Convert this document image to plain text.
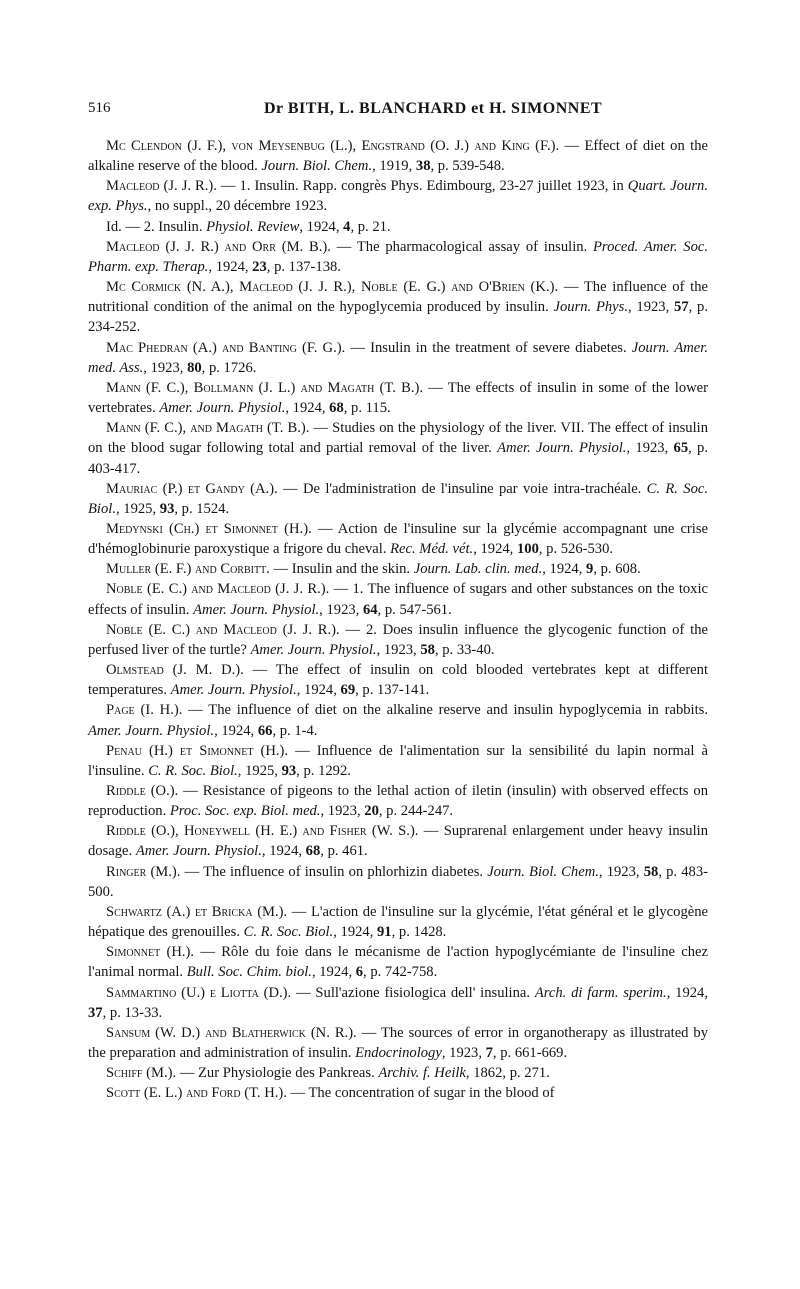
516	Dr BITH, L. BLANCHARD et H. SIMONNET

Mc Clendon (J. F.), von Meysenbug (L.), Engstrand (O. J.) and King (F.). — Effect of diet on the alkaline reserve of the blood. Journ. Biol. Chem., 1919, 38, p. 539-548.

Macleod (J. J. R.). — 1. Insulin. Rapp. congrès Phys. Edimbourg, 23-27 juillet 1923, in Quart. Journ. exp. Phys., no suppl., 20 décembre 1923.

Id. — 2. Insulin. Physiol. Review, 1924, 4, p. 21.

Macleod (J. J. R.) and Orr (M. B.). — The pharmacological assay of insulin. Proced. Amer. Soc. Pharm. exp. Therap., 1924, 23, p. 137-138.

Mc Cormick (N. A.), Macleod (J. J. R.), Noble (E. G.) and O'Brien (K.). — The influence of the nutritional condition of the animal on the hypoglycemia produced by insulin. Journ. Phys., 1923, 57, p. 234-252.

Mac Phedran (A.) and Banting (F. G.). — Insulin in the treatment of severe diabetes. Journ. Amer. med. Ass., 1923, 80, p. 1726.

Mann (F. C.), Bollmann (J. L.) and Magath (T. B.). — The effects of insulin in some of the lower vertebrates. Amer. Journ. Physiol., 1924, 68, p. 115.

Mann (F. C.), and Magath (T. B.). — Studies on the physiology of the liver. VII. The effect of insulin on the blood sugar following total and partial removal of the liver. Amer. Journ. Physiol., 1923, 65, p. 403-417.

Mauriac (P.) et Gandy (A.). — De l'administration de l'insuline par voie intra-trachéale. C. R. Soc. Biol., 1925, 93, p. 1524.

Medynski (Ch.) et Simonnet (H.). — Action de l'insuline sur la glycémie accompagnant une crise d'hémoglobinurie paroxystique a frigore du cheval. Rec. Méd. vét., 1924, 100, p. 526-530.

Muller (E. F.) and Corbitt. — Insulin and the skin. Journ. Lab. clin. med., 1924, 9, p. 608.

Noble (E. C.) and Macleod (J. J. R.). — 1. The influence of sugars and other substances on the toxic effects of insulin. Amer. Journ. Physiol., 1923, 64, p. 547-561.

Noble (E. C.) and Macleod (J. J. R.). — 2. Does insulin influence the glycogenic function of the perfused liver of the turtle? Amer. Journ. Physiol., 1923, 58, p. 33-40.

Olmstead (J. M. D.). — The effect of insulin on cold blooded vertebrates kept at different temperatures. Amer. Journ. Physiol., 1924, 69, p. 137-141.

Page (I. H.). — The influence of diet on the alkaline reserve and insulin hypoglycemia in rabbits. Amer. Journ. Physiol., 1924, 66, p. 1-4.

Penau (H.) et Simonnet (H.). — Influence de l'alimentation sur la sensibilité du lapin normal à l'insuline. C. R. Soc. Biol., 1925, 93, p. 1292.

Riddle (O.). — Resistance of pigeons to the lethal action of iletin (insulin) with observed effects on reproduction. Proc. Soc. exp. Biol. med., 1923, 20, p. 244-247.

Riddle (O.), Honeywell (H. E.) and Fisher (W. S.). — Suprarenal enlargement under heavy insulin dosage. Amer. Journ. Physiol., 1924, 68, p. 461.

Ringer (M.). — The influence of insulin on phlorhizin diabetes. Journ. Biol. Chem., 1923, 58, p. 483-500.

Schwartz (A.) et Bricka (M.). — L'action de l'insuline sur la glycémie, l'état général et le glycogène hépatique des grenouilles. C. R. Soc. Biol., 1924, 91, p. 1428.

Simonnet (H.). — Rôle du foie dans le mécanisme de l'action hypoglycémiante de l'insuline chez l'animal normal. Bull. Soc. Chim. biol., 1924, 6, p. 742-758.

Sammartino (U.) e Liotta (D.). — Sull'azione fisiologica dell' insulina. Arch. di farm. sperim., 1924, 37, p. 13-33.

Sansum (W. D.) and Blatherwick (N. R.). — The sources of error in organotherapy as illustrated by the preparation and administration of insulin. Endocrinology, 1923, 7, p. 661-669.

Schiff (M.). — Zur Physiologie des Pankreas. Archiv. f. Heilk, 1862, p. 271.

Scott (E. L.) and Ford (T. H.). — The concentration of sugar in the blood of
